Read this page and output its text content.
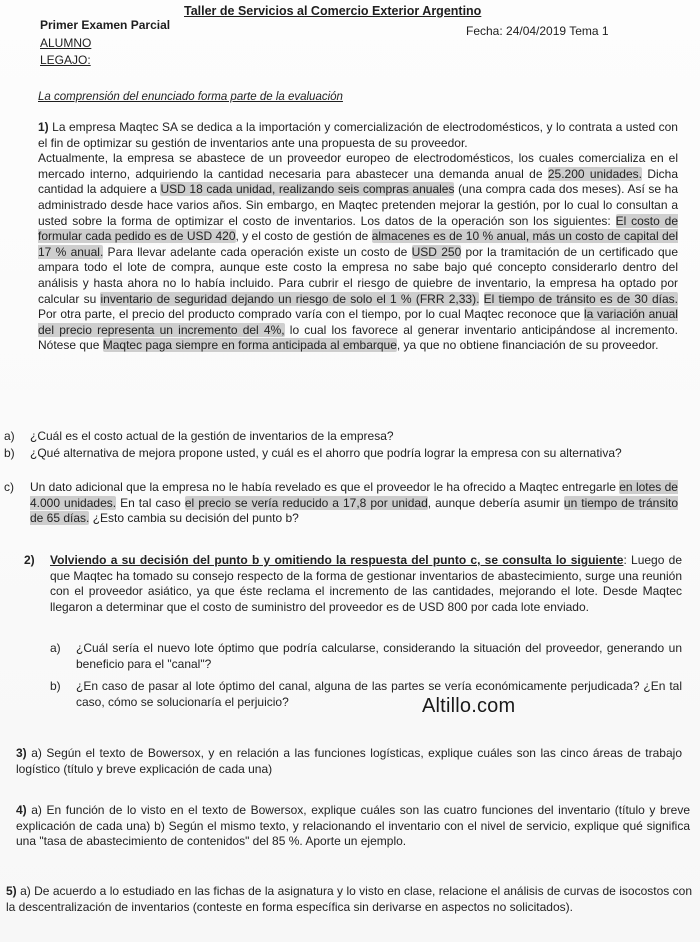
Taller de Servicios al Comercio Exterior Argentino
Primer Examen Parcial	Fecha: 24/04/2019 Tema 1
ALUMNO
LEGAJO:
La comprensión del enunciado forma parte de la evaluación

1) La empresa Maqtec SA se dedica a la importación y comercialización de electrodomésticos, y lo contrata a usted con el fin de optimizar su gestión de inventarios ante una propuesta de su proveedor.

Actualmente, la empresa se abastece de un proveedor europeo de electrodomésticos, los cuales comercializa en el mercado interno, adquiriendo la cantidad necesaria para abastecer una demanda anual de 25.200 unidades. Dicha cantidad la adquiere a USD 18 cada unidad, realizando seis compras anuales (una compra cada dos meses). Así se ha administrado desde hace varios años. Sin embargo, en Maqtec pretenden mejorar la gestión, por lo cual lo consultan a usted sobre la forma de optimizar el costo de inventarios. Los datos de la operación son los siguientes: El costo de formular cada pedido es de USD 420, y el costo de gestión de almacenes es de 10 % anual, más un costo de capital del 17 % anual. Para llevar adelante cada operación existe un costo de USD 250 por la tramitación de un certificado que ampara todo el lote de compra, aunque este costo la empresa no sabe bajo qué concepto considerarlo dentro del análisis y hasta ahora no lo había incluido. Para cubrir el riesgo de quiebre de inventario, la empresa ha optado por calcular su inventario de seguridad dejando un riesgo de solo el 1 % (FRR 2,33). El tiempo de tránsito es de 30 días. Por otra parte, el precio del producto comprado varía con el tiempo, por lo cual Maqtec reconoce que la variación anual del precio representa un incremento del 4%, lo cual los favorece al generar inventario anticipándose al incremento. Nótese que Maqtec paga siempre en forma anticipada al embarque, ya que no obtiene financiación de su proveedor.

a) ¿Cuál es el costo actual de la gestión de inventarios de la empresa?
b) ¿Qué alternativa de mejora propone usted, y cuál es el ahorro que podría lograr la empresa con su alternativa?
c) Un dato adicional que la empresa no le había revelado es que el proveedor le ha ofrecido a Maqtec entregarle en lotes de 4.000 unidades. En tal caso el precio se vería reducido a 17,8 por unidad, aunque debería asumir un tiempo de tránsito de 65 días. ¿Esto cambia su decisión del punto b?
2) Volviendo a su decisión del punto b y omitiendo la respuesta del punto c, se consulta lo siguiente: Luego de que Maqtec ha tomado su consejo respecto de la forma de gestionar inventarios de abastecimiento, surge una reunión con el proveedor asiático, ya que éste reclama el incremento de las cantidades, mejorando el lote. Desde Maqtec llegaron a determinar que el costo de suministro del proveedor es de USD 800 por cada lote enviado.
a) ¿Cuál sería el nuevo lote óptimo que podría calcularse, considerando la situación del proveedor, generando un beneficio para el "canal"?
b) ¿En caso de pasar al lote óptimo del canal, alguna de las partes se vería económicamente perjudicada? ¿En tal caso, cómo se solucionaría el perjuicio?	Altillo.com

3) a) Según el texto de Bowersox, y en relación a las funciones logísticas, explique cuáles son las cinco áreas de trabajo logístico (título y breve explicación de cada una)

4) a) En función de lo visto en el texto de Bowersox, explique cuáles son las cuatro funciones del inventario (título y breve explicación de cada una) b) Según el mismo texto, y relacionando el inventario con el nivel de servicio, explique qué significa una "tasa de abastecimiento de contenidos" del 85 %. Aporte un ejemplo.

5) a) De acuerdo a lo estudiado en las fichas de la asignatura y lo visto en clase, relacione el análisis de curvas de isocostos con la descentralización de inventarios (conteste en forma específica sin derivarse en aspectos no solicitados).
